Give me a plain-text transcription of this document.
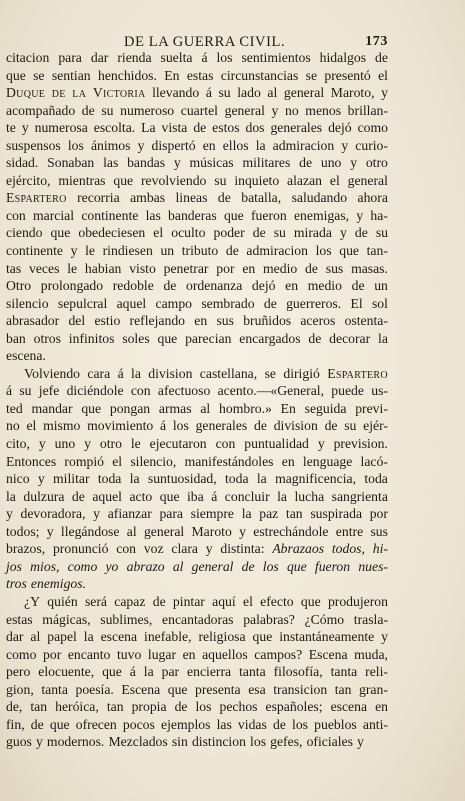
DE LA GUERRA CIVIL.	173
citacion para dar rienda suelta á los sentimientos hidalgos de
que se sentian henchidos. En estas circunstancias se presentó el
Duque de la Victoria llevando á su lado al general Maroto, y
acompañado de su numeroso cuartel general y no menos brillan-
te y numerosa escolta. La vista de estos dos generales dejó como
suspensos los ánimos y dispertó en ellos la admiracion y curio-
sidad. Sonaban las bandas y músicas militares de uno y otro
ejército, mientras que revolviendo su inquieto alazan el general
Espartero recorria ambas lineas de batalla, saludando ahora
con marcial continente las banderas que fueron enemigas, y ha-
ciendo que obedeciesen el oculto poder de su mirada y de su
continente y le rindiesen un tributo de admiracion los que tan-
tas veces le habian visto penetrar por en medio de sus masas.
Otro prolongado redoble de ordenanza dejó en medio de un
silencio sepulcral aquel campo sembrado de guerreros. El sol
abrasador del estio reflejando en sus bruñidos aceros ostenta-
ban otros infinitos soles que parecian encargados de decorar la
escena.
Volviendo cara á la division castellana, se dirigió Espartero
á su jefe diciéndole con afectuoso acento.—«General, puede us-
ted mandar que pongan armas al hombro.» En seguida previ-
no el mismo movimiento á los generales de division de su ejér-
cito, y uno y otro le ejecutaron con puntualidad y prevision.
Entonces rompió el silencio, manifestándoles en lenguage lacó-
nico y militar toda la suntuosidad, toda la magnificencia, toda
la dulzura de aquel acto que iba á concluir la lucha sangrienta
y devoradora, y afianzar para siempre la paz tan suspirada por
todos; y llegándose al general Maroto y estrechándole entre sus
brazos, pronunció con voz clara y distinta: Abrazaos todos, hi-
jos mios, como yo abrazo al general de los que fueron nues-
tros enemigos.
¿Y quién será capaz de pintar aquí el efecto que produjeron
estas mágicas, sublimes, encantadoras palabras? ¿Cómo trasla-
dar al papel la escena inefable, religiosa que instantáneamente y
como por encanto tuvo lugar en aquellos campos? Escena muda,
pero elocuente, que á la par encierra tanta filosofía, tanta reli-
gion, tanta poesía. Escena que presenta esa transicion tan gran-
de, tan heróica, tan propia de los pechos españoles; escena en
fin, de que ofrecen pocos ejemplos las vidas de los pueblos anti-
guos y modernos. Mezclados sin distincion los gefes, oficiales y
